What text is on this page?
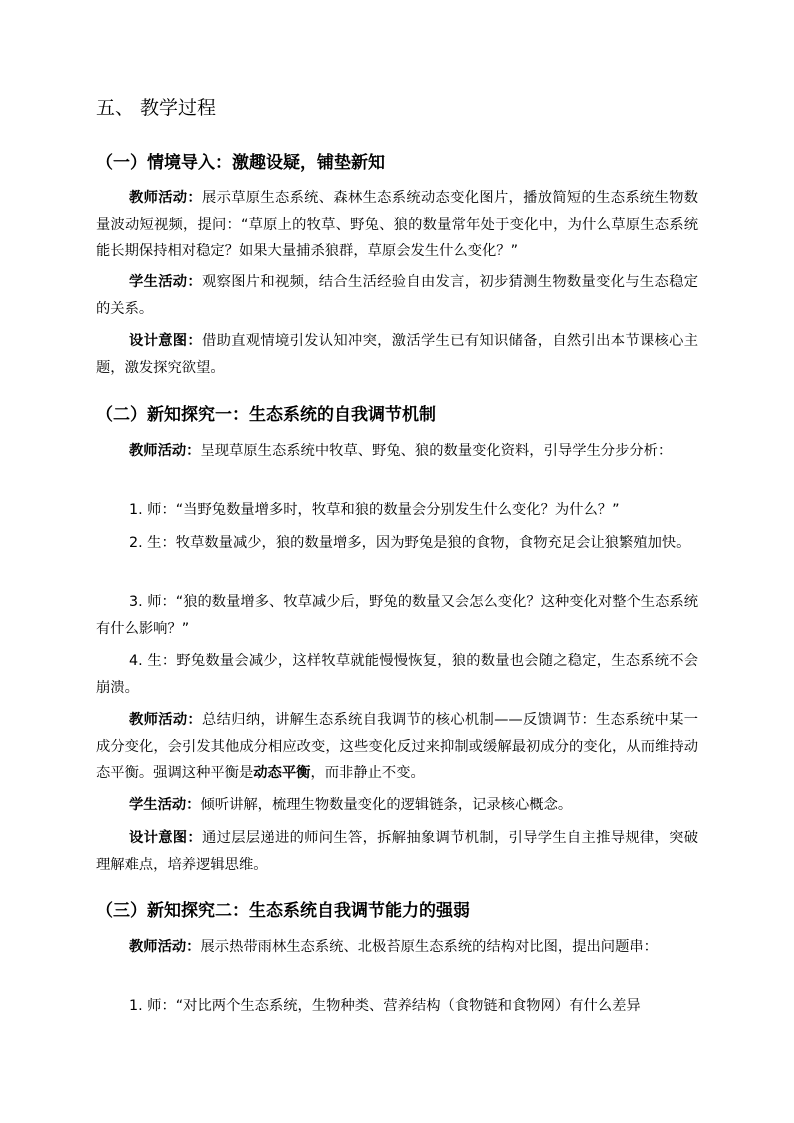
五、 教学过程
（一）情境导入：激趣设疑，铺垫新知

教师活动：展示草原生态系统、森林生态系统动态变化图片，播放简短的生态系统生物数量波动短视频，提问：“草原上的牧草、野兔、狼的数量常年处于变化中，为什么草原生态系统能长期保持相对稳定？如果大量捕杀狼群，草原会发生什么变化？”

学生活动：观察图片和视频，结合生活经验自由发言，初步猜测生物数量变化与生态稳定的关系。

设计意图：借助直观情境引发认知冲突，激活学生已有知识储备，自然引出本节课核心主题，激发探究欲望。

（二）新知探究一：生态系统的自我调节机制

教师活动：呈现草原生态系统中牧草、野兔、狼的数量变化资料，引导学生分步分析：

1. 师：“当野兔数量增多时，牧草和狼的数量会分别发生什么变化？为什么？”

2. 生：牧草数量减少，狼的数量增多，因为野兔是狼的食物，食物充足会让狼繁殖加快。

3. 师：“狼的数量增多、牧草减少后，野兔的数量又会怎么变化？这种变化对整个生态系统有什么影响？”

4. 生：野兔数量会减少，这样牧草就能慢慢恢复，狼的数量也会随之稳定，生态系统不会崩溃。

教师活动：总结归纳，讲解生态系统自我调节的核心机制——反馈调节：生态系统中某一成分变化，会引发其他成分相应改变，这些变化反过来抑制或缓解最初成分的变化，从而维持动态平衡。强调这种平衡是动态平衡，而非静止不变。

学生活动：倾听讲解，梳理生物数量变化的逻辑链条，记录核心概念。

设计意图：通过层层递进的师问生答，拆解抽象调节机制，引导学生自主推导规律，突破理解难点，培养逻辑思维。

（三）新知探究二：生态系统自我调节能力的强弱

教师活动：展示热带雨林生态系统、北极苔原生态系统的结构对比图，提出问题串：

1. 师：“对比两个生态系统，生物种类、营养结构（食物链和食物网）有什么差异
